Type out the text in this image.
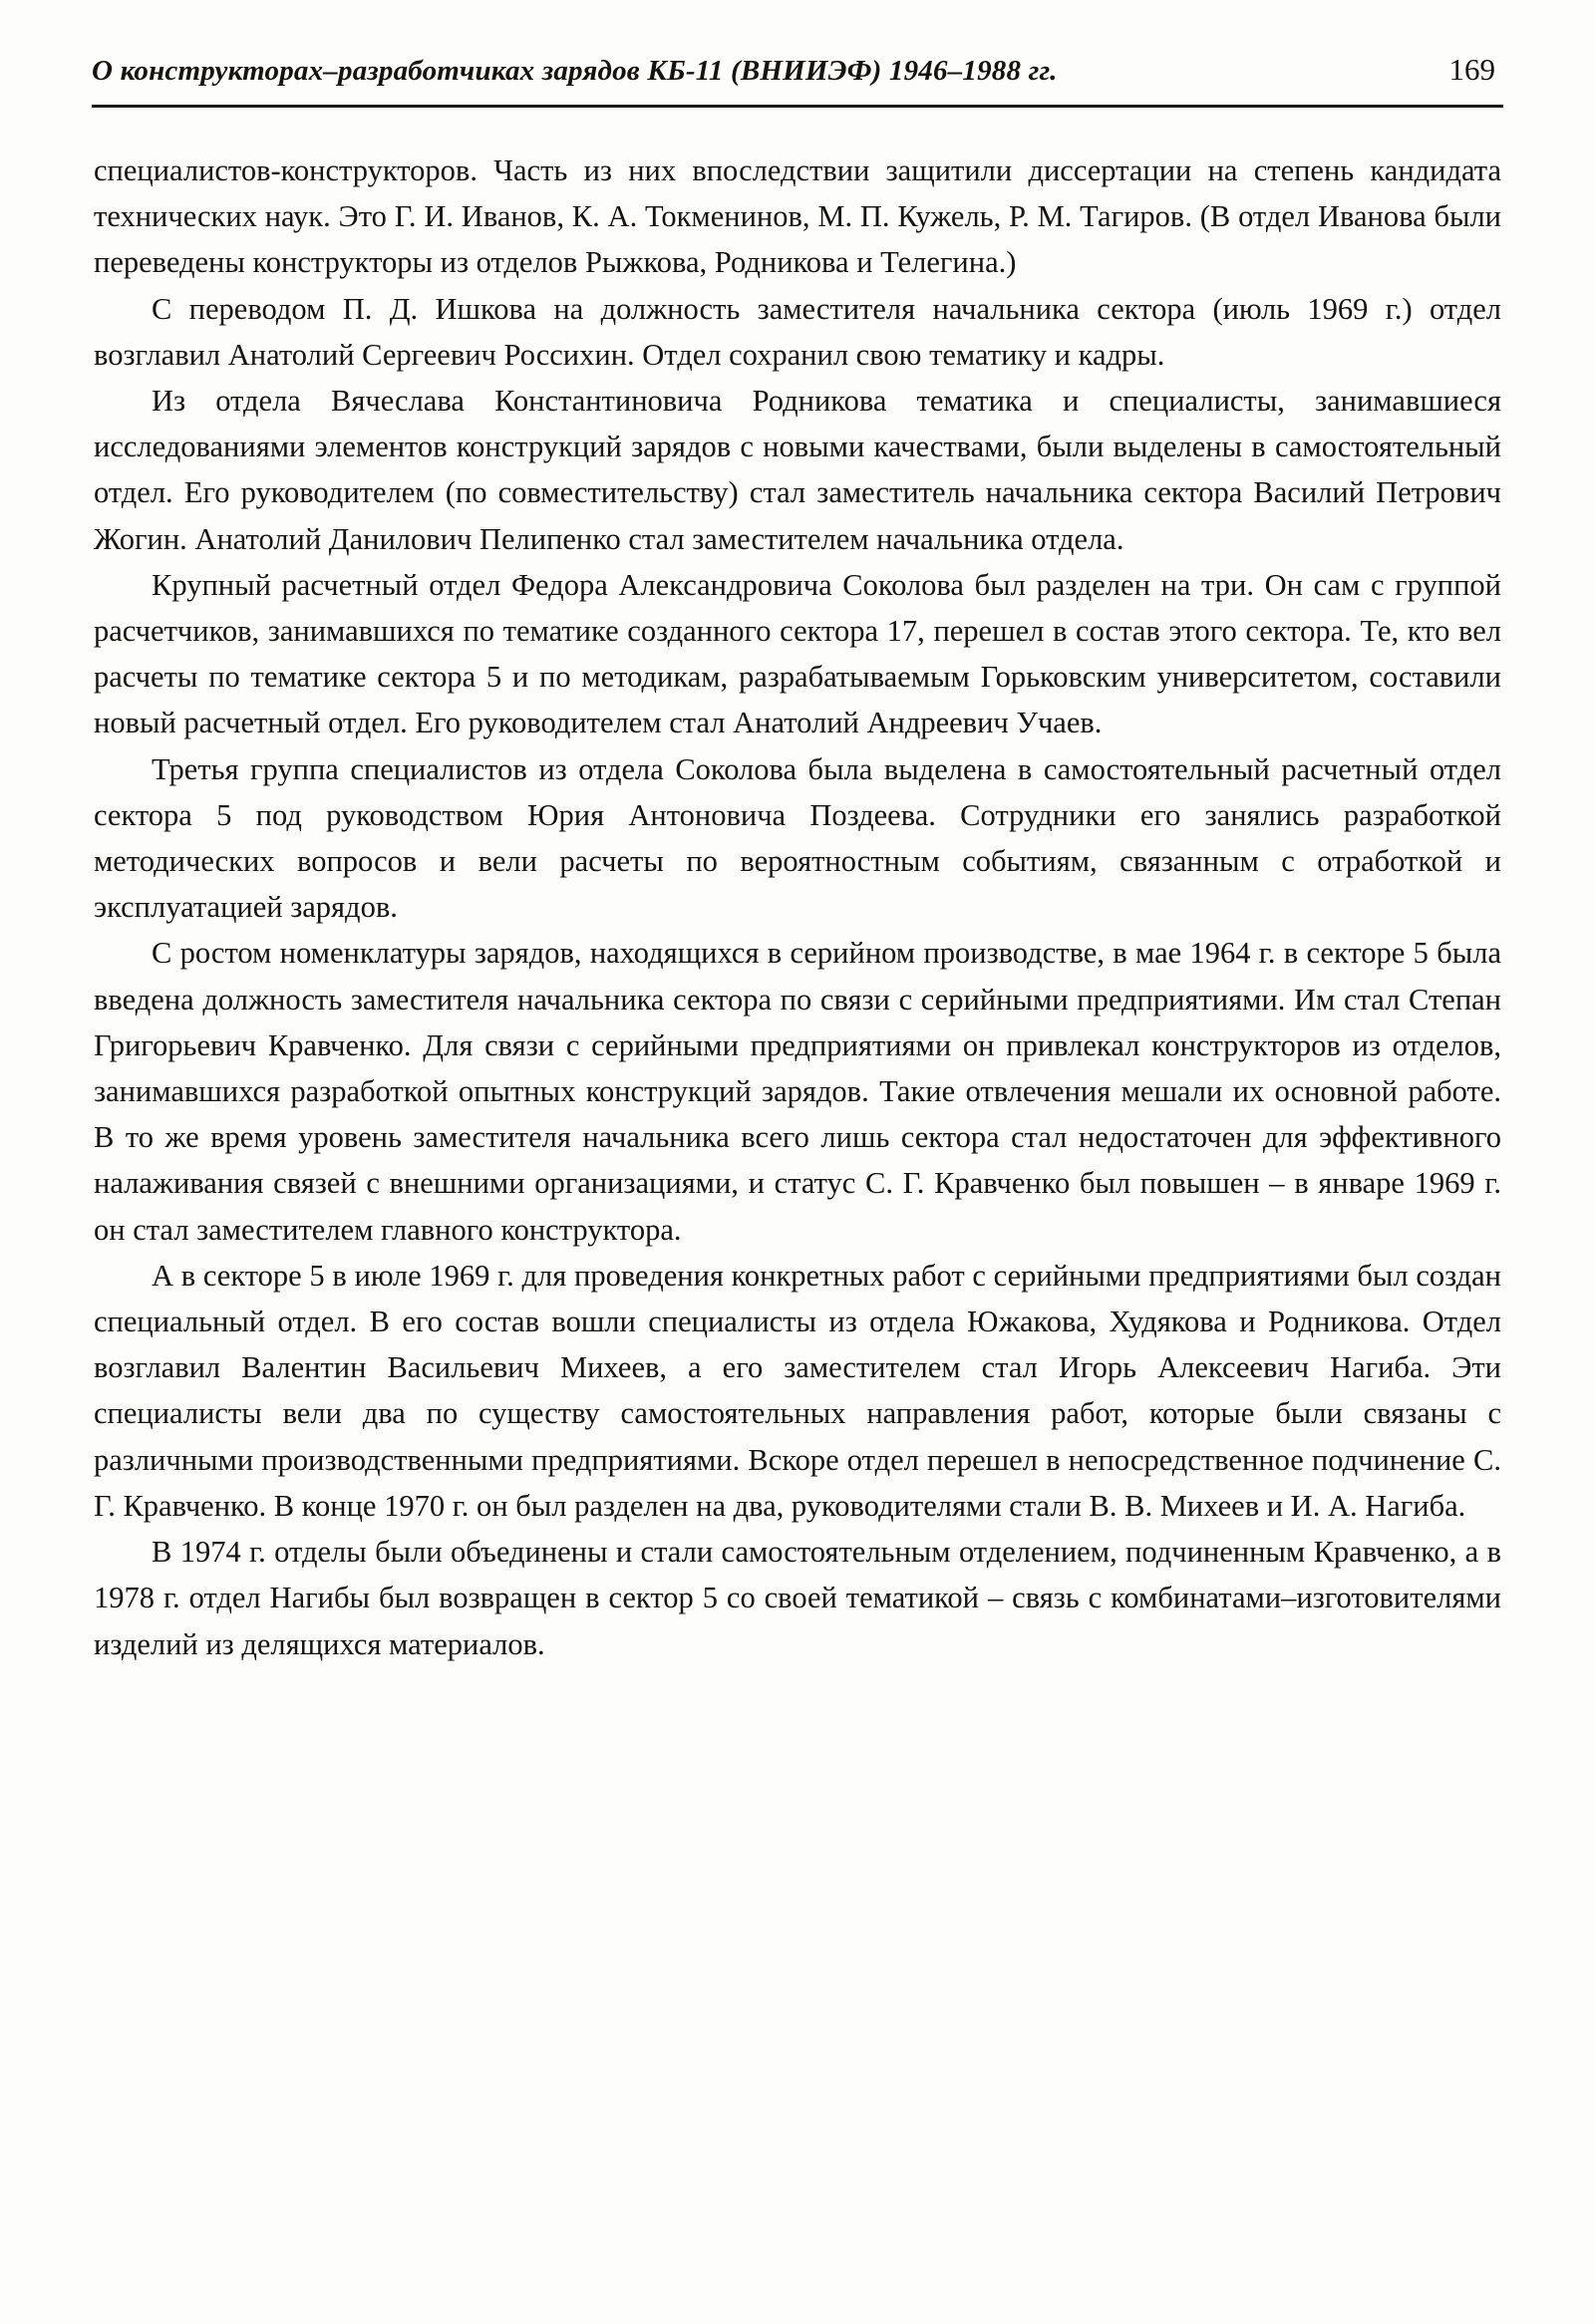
О конструкторах–разработчиках зарядов КБ-11 (ВНИИЭФ) 1946–1988 гг.	169

специалистов-конструкторов. Часть из них впоследствии защитили диссертации на степень кандидата технических наук. Это Г. И. Иванов, К. А. Токменинов, М. П. Кужель, Р. М. Тагиров. (В отдел Иванова были переведены конструкторы из отделов Рыжкова, Родникова и Телегина.)

С переводом П. Д. Ишкова на должность заместителя начальника сектора (июль 1969 г.) отдел возглавил Анатолий Сергеевич Россихин. Отдел сохранил свою тематику и кадры.

Из отдела Вячеслава Константиновича Родникова тематика и специалисты, занимавшиеся исследованиями элементов конструкций зарядов с новыми качествами, были выделены в самостоятельный отдел. Его руководителем (по совместительству) стал заместитель начальника сектора Василий Петрович Жогин. Анатолий Данилович Пелипенко стал заместителем начальника отдела.

Крупный расчетный отдел Федора Александровича Соколова был разделен на три. Он сам с группой расчетчиков, занимавшихся по тематике созданного сектора 17, перешел в состав этого сектора. Те, кто вел расчеты по тематике сектора 5 и по методикам, разрабатываемым Горьковским университетом, составили новый расчетный отдел. Его руководителем стал Анатолий Андреевич Учаев.

Третья группа специалистов из отдела Соколова была выделена в самостоятельный расчетный отдел сектора 5 под руководством Юрия Антоновича Поздеева. Сотрудники его занялись разработкой методических вопросов и вели расчеты по вероятностным событиям, связанным с отработкой и эксплуатацией зарядов.

С ростом номенклатуры зарядов, находящихся в серийном производстве, в мае 1964 г. в секторе 5 была введена должность заместителя начальника сектора по связи с серийными предприятиями. Им стал Степан Григорьевич Кравченко. Для связи с серийными предприятиями он привлекал конструкторов из отделов, занимавшихся разработкой опытных конструкций зарядов. Такие отвлечения мешали их основной работе. В то же время уровень заместителя начальника всего лишь сектора стал недостаточен для эффективного налаживания связей с внешними организациями, и статус С. Г. Кравченко был повышен – в январе 1969 г. он стал заместителем главного конструктора.

А в секторе 5 в июле 1969 г. для проведения конкретных работ с серийными предприятиями был создан специальный отдел. В его состав вошли специалисты из отдела Южакова, Худякова и Родникова. Отдел возглавил Валентин Васильевич Михеев, а его заместителем стал Игорь Алексеевич Нагиба. Эти специалисты вели два по существу самостоятельных направления работ, которые были связаны с различными производственными предприятиями. Вскоре отдел перешел в непосредственное подчинение С. Г. Кравченко. В конце 1970 г. он был разделен на два, руководителями стали В. В. Михеев и И. А. Нагиба.

В 1974 г. отделы были объединены и стали самостоятельным отделением, подчиненным Кравченко, а в 1978 г. отдел Нагибы был возвращен в сектор 5 со своей тематикой – связь с комбинатами–изготовителями изделий из делящихся материалов.
